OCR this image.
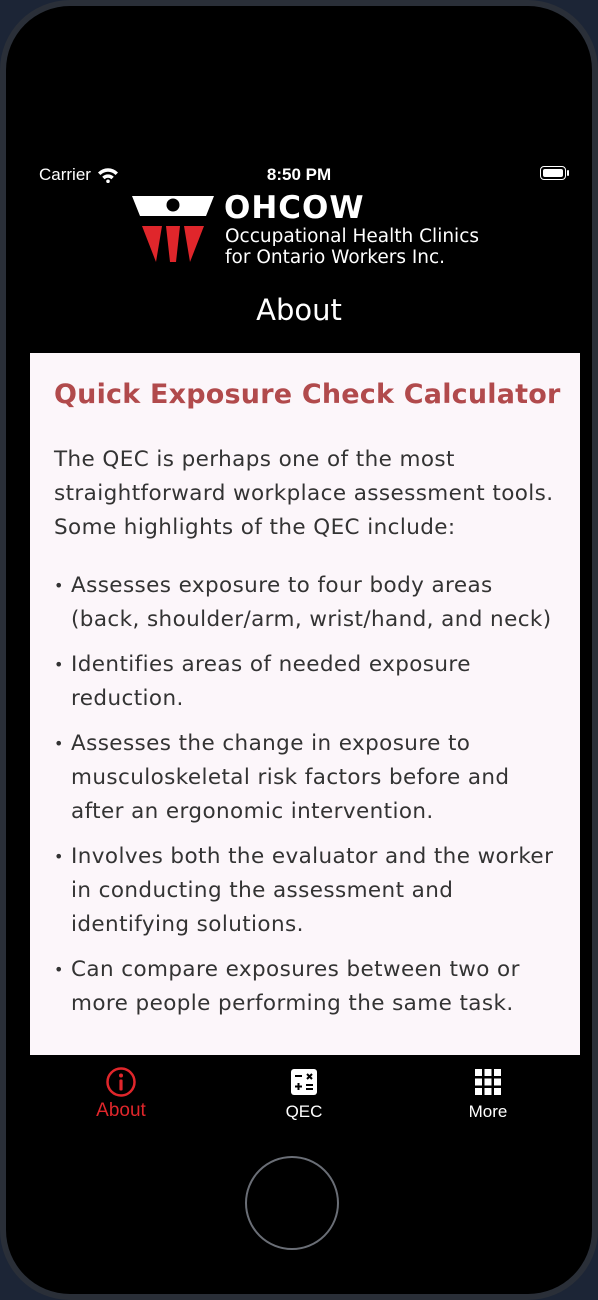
Carrier	8:50 PM
OHCOW
Occupational Health Clinics
for Ontario Workers Inc.
About
Quick Exposure Check Calculator
The QEC is perhaps one of the most straightforward workplace assessment tools. Some highlights of the QEC include:
• Assesses exposure to four body areas (back, shoulder/arm, wrist/hand, and neck)
• Identifies areas of needed exposure reduction.
• Assesses the change in exposure to musculoskeletal risk factors before and after an ergonomic intervention.
• Involves both the evaluator and the worker in conducting the assessment and identifying solutions.
• Can compare exposures between two or more people performing the same task.
About	QEC	More
